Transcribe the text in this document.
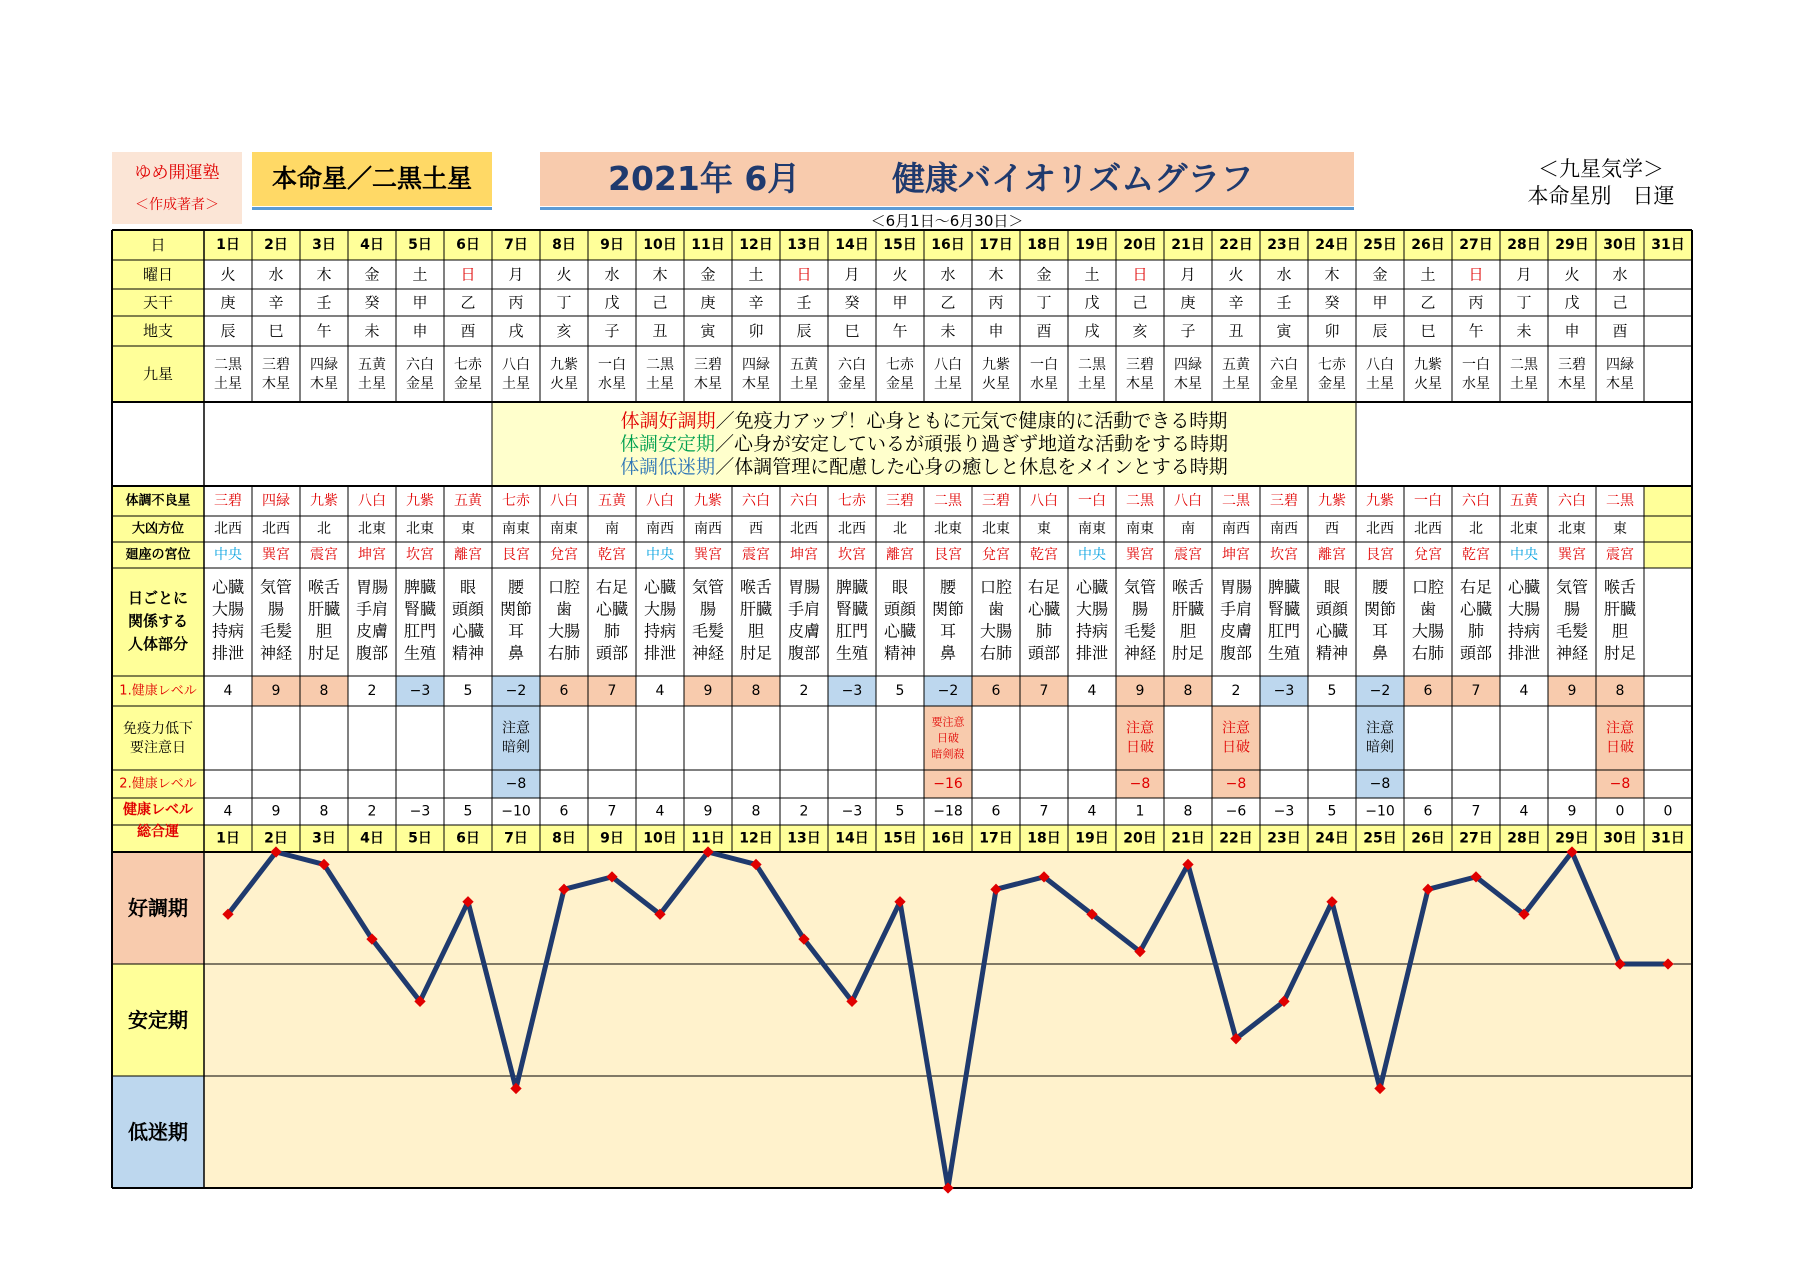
ゆめ開運塾
＜作成著者＞
本命星／二黒土星	2021年 6月	健康バイオリズムグラフ
＜6月1日～6月30日＞
＜九星気学＞
本命星別　日運
日
曜日
天干
地支
九星
体調不良星
大凶方位
廻座の宮位
日ごとに
関係する
人体部分
1.健康レベル
免疫力低下
要注意日
2.健康レベル
健康レベル
総合運
好調期
安定期
低迷期
体調好調期／免疫力アップ！心身ともに元気で健康的に活動できる時期
体調安定期／心身が安定しているが頑張り過ぎず地道な活動をする時期
体調低迷期／体調管理に配慮した心身の癒しと休息をメインとする時期
1日
1日
火
庚
辰
二黒
土星
三碧
北西
中央
心臓
大腸
持病
排泄
4
4
2日
2日
水
辛
巳
三碧
木星
四緑
北西
巽宮
気管
腸
毛髪
神経
9
9
3日
3日
木
壬
午
四緑
木星
九紫
北
震宮
喉舌
肝臓
胆
肘足
8
8
4日
4日
金
癸
未
五黄
土星
八白
北東
坤宮
胃腸
手肩
皮膚
腹部
2
2
5日
5日
土
甲
申
六白
金星
九紫
北東
坎宮
脾臓
腎臓
肛門
生殖
−3
−3
6日
6日
日
乙
酉
七赤
金星
五黄
東
離宮
眼
頭顔
心臓
精神
5
5
7日
7日
月
丙
戌
八白
土星
七赤
南東
艮宮
腰
関節
耳
鼻
−2
注意
暗剣
−8
−10
8日
8日
火
丁
亥
九紫
火星
八白
南東
兌宮
口腔
歯
大腸
右肺
6
6
9日
9日
水
戊
子
一白
水星
五黄
南
乾宮
右足
心臓
肺
頭部
7
7
10日
10日
木
己
丑
二黒
土星
八白
南西
中央
心臓
大腸
持病
排泄
4
4
11日
11日
金
庚
寅
三碧
木星
九紫
南西
巽宮
気管
腸
毛髪
神経
9
9
12日
12日
土
辛
卯
四緑
木星
六白
西
震宮
喉舌
肝臓
胆
肘足
8
8
13日
13日
日
壬
辰
五黄
土星
六白
北西
坤宮
胃腸
手肩
皮膚
腹部
2
2
14日
14日
月
癸
巳
六白
金星
七赤
北西
坎宮
脾臓
腎臓
肛門
生殖
−3
−3
15日
15日
火
甲
午
七赤
金星
三碧
北
離宮
眼
頭顔
心臓
精神
5
5
16日
16日
水
乙
未
八白
土星
二黒
北東
艮宮
腰
関節
耳
鼻
−2
要注意
日破
暗剣殺
−16
−18
17日
17日
木
丙
申
九紫
火星
三碧
北東
兌宮
口腔
歯
大腸
右肺
6
6
18日
18日
金
丁
酉
一白
水星
八白
東
乾宮
右足
心臓
肺
頭部
7
7
19日
19日
土
戊
戌
二黒
土星
一白
南東
中央
心臓
大腸
持病
排泄
4
4
20日
20日
日
己
亥
三碧
木星
二黒
南東
巽宮
気管
腸
毛髪
神経
9
注意
日破
−8
1
21日
21日
月
庚
子
四緑
木星
八白
南
震宮
喉舌
肝臓
胆
肘足
8
8
22日
22日
火
辛
丑
五黄
土星
二黒
南西
坤宮
胃腸
手肩
皮膚
腹部
2
注意
日破
−8
−6
23日
23日
水
壬
寅
六白
金星
三碧
南西
坎宮
脾臓
腎臓
肛門
生殖
−3
−3
24日
24日
木
癸
卯
七赤
金星
九紫
西
離宮
眼
頭顔
心臓
精神
5
5
25日
25日
金
甲
辰
八白
土星
九紫
北西
艮宮
腰
関節
耳
鼻
−2
注意
暗剣
−8
−10
26日
26日
土
乙
巳
九紫
火星
一白
北西
兌宮
口腔
歯
大腸
右肺
6
6
27日
27日
日
丙
午
一白
水星
六白
北
乾宮
右足
心臓
肺
頭部
7
7
28日
28日
月
丁
未
二黒
土星
五黄
北東
中央
心臓
大腸
持病
排泄
4
4
29日
29日
火
戊
申
三碧
木星
六白
北東
巽宮
気管
腸
毛髪
神経
9
9
30日
30日
水
己
酉
四緑
木星
二黒
東
震宮
喉舌
肝臓
胆
肘足
8
注意
日破
−8
0
31日
31日
0
